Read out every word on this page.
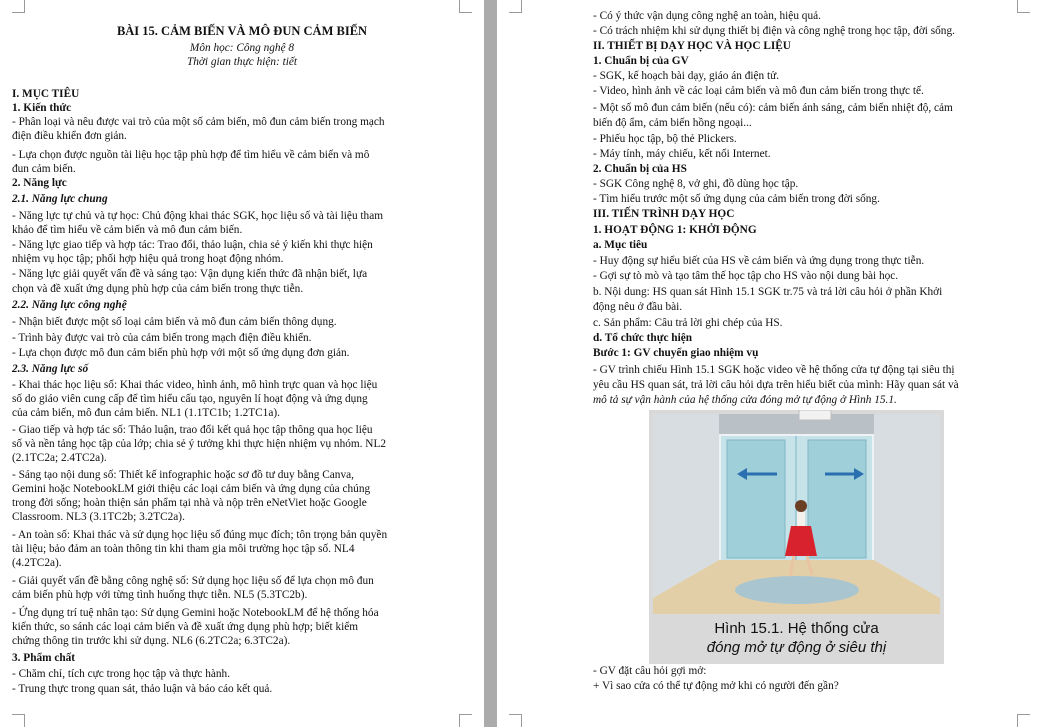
BÀI 15. CẢM BIẾN VÀ MÔ ĐUN CẢM BIẾN
Môn học: Công nghệ 8
Thời gian thực hiện: tiết
I. MỤC TIÊU
1. Kiến thức
- Phân loại và nêu được vai trò của một số cảm biến, mô đun cảm biến trong mạch
điện điều khiển đơn giản.
- Lựa chọn được nguồn tài liệu học tập phù hợp để tìm hiểu về cảm biến và mô
đun cảm biến.
2. Năng lực
2.1. Năng lực chung
- Năng lực tự chủ và tự học: Chủ động khai thác SGK, học liệu số và tài liệu tham
khảo để tìm hiểu về cảm biến và mô đun cảm biến.
- Năng lực giao tiếp và hợp tác: Trao đổi, thảo luận, chia sẻ ý kiến khi thực hiện
nhiệm vụ học tập; phối hợp hiệu quả trong hoạt động nhóm.
- Năng lực giải quyết vấn đề và sáng tạo: Vận dụng kiến thức đã nhận biết, lựa
chọn và đề xuất ứng dụng phù hợp của cảm biến trong thực tiễn.
2.2. Năng lực công nghệ
- Nhận biết được một số loại cảm biến và mô đun cảm biến thông dụng.
- Trình bày được vai trò của cảm biến trong mạch điện điều khiển.
- Lựa chọn được mô đun cảm biến phù hợp với một số ứng dụng đơn giản.
2.3. Năng lực số
- Khai thác học liệu số: Khai thác video, hình ảnh, mô hình trực quan và học liệu
số do giáo viên cung cấp để tìm hiểu cấu tạo, nguyên lí hoạt động và ứng dụng
của cảm biến, mô đun cảm biến. NL1 (1.1TC1b; 1.2TC1a).
- Giao tiếp và hợp tác số: Thảo luận, trao đổi kết quả học tập thông qua học liệu
số và nền tảng học tập của lớp; chia sẻ ý tưởng khi thực hiện nhiệm vụ nhóm. NL2
(2.1TC2a; 2.4TC2a).
- Sáng tạo nội dung số: Thiết kế infographic hoặc sơ đồ tư duy bằng Canva,
Gemini hoặc NotebookLM giới thiệu các loại cảm biến và ứng dụng của chúng
trong đời sống; hoàn thiện sản phẩm tại nhà và nộp trên eNetViet hoặc Google
Classroom. NL3 (3.1TC2b; 3.2TC2a).
- An toàn số: Khai thác và sử dụng học liệu số đúng mục đích; tôn trọng bản quyền
tài liệu; bảo đảm an toàn thông tin khi tham gia môi trường học tập số. NL4
(4.2TC2a).
- Giải quyết vấn đề bằng công nghệ số: Sử dụng học liệu số để lựa chọn mô đun
cảm biến phù hợp với từng tình huống thực tiễn. NL5 (5.3TC2b).
- Ứng dụng trí tuệ nhân tạo: Sử dụng Gemini hoặc NotebookLM để hệ thống hóa
kiến thức, so sánh các loại cảm biến và đề xuất ứng dụng phù hợp; biết kiểm
chứng thông tin trước khi sử dụng. NL6 (6.2TC2a; 6.3TC2a).
3. Phẩm chất
- Chăm chỉ, tích cực trong học tập và thực hành.
- Trung thực trong quan sát, thảo luận và báo cáo kết quả.
- Có ý thức vận dụng công nghệ an toàn, hiệu quả.
- Có trách nhiệm khi sử dụng thiết bị điện và công nghệ trong học tập, đời sống.
II. THIẾT BỊ DẠY HỌC VÀ HỌC LIỆU
1. Chuẩn bị của GV
- SGK, kế hoạch bài dạy, giáo án điện tử.
- Video, hình ảnh về các loại cảm biến và mô đun cảm biến trong thực tế.
- Một số mô đun cảm biến (nếu có): cảm biến ánh sáng, cảm biến nhiệt độ, cảm
biến độ ẩm, cảm biến hồng ngoại...
- Phiếu học tập, bộ thẻ Plickers.
- Máy tính, máy chiếu, kết nối Internet.
2. Chuẩn bị của HS
- SGK Công nghệ 8, vở ghi, đồ dùng học tập.
- Tìm hiểu trước một số ứng dụng của cảm biến trong đời sống.
III. TIẾN TRÌNH DẠY HỌC
1. HOẠT ĐỘNG 1: KHỞI ĐỘNG
a. Mục tiêu
- Huy động sự hiểu biết của HS về cảm biến và ứng dụng trong thực tiễn.
- Gợi sự tò mò và tạo tâm thế học tập cho HS vào nội dung bài học.
b. Nội dung: HS quan sát Hình 15.1 SGK tr.75 và trả lời câu hỏi ở phần Khởi
động nêu ở đầu bài.
c. Sản phẩm: Câu trả lời ghi chép của HS.
d. Tổ chức thực hiện
Bước 1: GV chuyển giao nhiệm vụ
- GV trình chiếu Hình 15.1 SGK hoặc video về hệ thống cửa tự động tại siêu thị
yêu cầu HS quan sát, trả lời câu hỏi dựa trên hiểu biết của mình: Hãy quan sát và
mô tả sự vận hành của hệ thống cửa đóng mở tự động ở Hình 15.1.
Hình 15.1. Hệ thống cửa
đóng mở tự động ở siêu thị
- GV đặt câu hỏi gợi mở:
+ Vì sao cửa có thể tự động mở khi có người đến gần?
